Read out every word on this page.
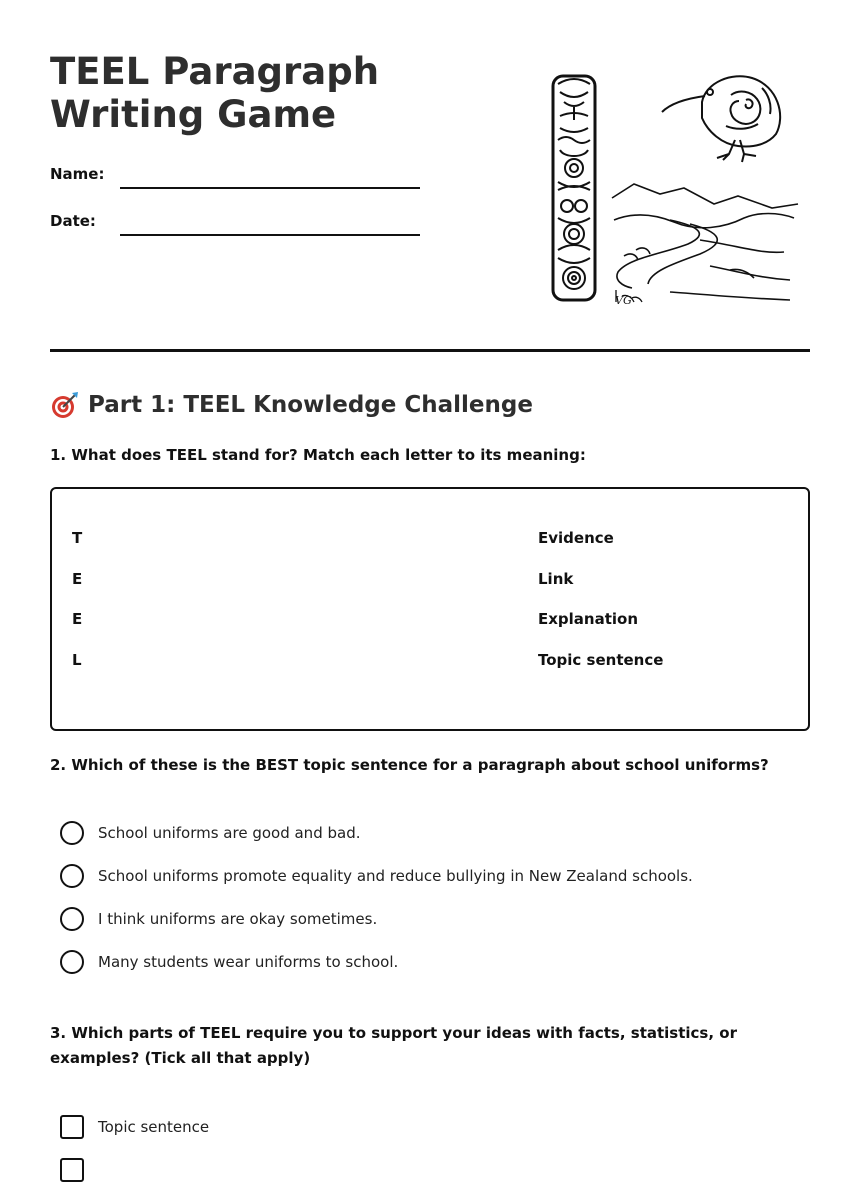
TEEL Paragraph Writing Game
Name:
Date:
VG
Part 1: TEEL Knowledge Challenge

1. What does TEEL stand for? Match each letter to its meaning:

T
E
E
L
Evidence
Link
Explanation
Topic sentence

2. Which of these is the BEST topic sentence for a paragraph about school uniforms?

School uniforms are good and bad.
School uniforms promote equality and reduce bullying in New Zealand schools.
I think uniforms are okay sometimes.
Many students wear uniforms to school.

3. Which parts of TEEL require you to support your ideas with facts, statistics, or examples? (Tick all that apply)

Topic sentence
